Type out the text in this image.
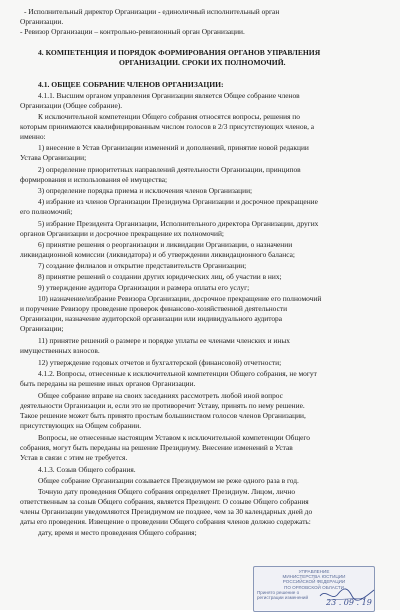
- Исполнительный директор Организации - единоличный исполнительный орган
Организации.
- Ревизор Организации – контрольно-ревизионный орган Организации.
4. КОМПЕТЕНЦИЯ И ПОРЯДОК ФОРМИРОВАНИЯ ОРГАНОВ УПРАВЛЕНИЯ
ОРГАНИЗАЦИИ. СРОКИ ИХ ПОЛНОМОЧИЙ.
4.1. ОБЩЕЕ СОБРАНИЕ ЧЛЕНОВ ОРГАНИЗАЦИИ:
4.1.1. Высшим органом управления Организации является Общее собрание членов
Организации (Общее собрание).
К исключительной компетенции Общего собрания относятся вопросы, решения по
которым принимаются квалифицированным числом голосов в 2/3 присутствующих членов, а
именно:
1) внесение в Устав Организации изменений и дополнений, принятие новой редакции
Устава Организации;
2) определение приоритетных направлений деятельности Организации, принципов
формирования и использования её имущества;
3) определение порядка приема и исключения членов Организации;
4) избрание из членов Организации Президиума Организации и досрочное прекращение
его полномочий;
5) избрание Президента Организации, Исполнительного директора Организации, других
органов Организации и досрочное прекращение их полномочий;
6) принятие решения о реорганизации и ликвидации Организации, о назначении
ликвидационной комиссии (ликвидатора) и об утверждении ликвидационного баланса;
7) создание филиалов и открытие представительств Организации;
8) принятие решений о создании других юридических лиц, об участии в них;
9) утверждение аудитора Организации и размера оплаты его услуг;
10) назначение/избрание Ревизора Организации, досрочное прекращение его полномочий
и поручение Ревизору проведение проверок финансово-хозяйственной деятельности
Организации, назначение аудиторской организации или индивидуального аудитора
Организации;
11) принятие решений о размере и порядке уплаты ее членами членских и иных
имущественных взносов.
12) утверждение годовых отчетов и бухгалтерской (финансовой) отчетности;
4.1.2. Вопросы, отнесенные к исключительной компетенции Общего собрания, не могут
быть переданы на решение иных органов Организации.
Общее собрание вправе на своих заседаниях рассмотреть любой иной вопрос
деятельности Организации и, если это не противоречит Уставу, принять по нему решение.
Такое решение может быть принято простым большинством голосов членов Организации,
присутствующих на Общем собрании.
Вопросы, не отнесенные настоящим Уставом к исключительной компетенции Общего
собрания, могут быть переданы на решение Президиуму. Внесение изменений в Устав
Устав в связи с этим не требуется.
4.1.3. Созыв Общего собрания.
Общее собрание Организации созывается Президиумом не реже одного раза в год.
Точную дату проведения Общего собрания определяет Президиум. Лицом, лично
ответственным за созыв Общего собрания, является Президент. О созыве Общего собрания
члены Организации уведомляются Президиумом не позднее, чем за 30 календарных дней до
даты его проведения. Извещение о проведении Общего собрания членов должно содержать:
дату, время и место проведения Общего собрания;
УПРАВЛЕНИЕ
МИНИСТЕРСТВА ЮСТИЦИИ
РОССИЙСКОЙ ФЕДЕРАЦИИ
ПО ОРЛОВСКОЙ ОБЛАСТИ
Принято решение о
регистрации изменений
23 . 09 . 19
